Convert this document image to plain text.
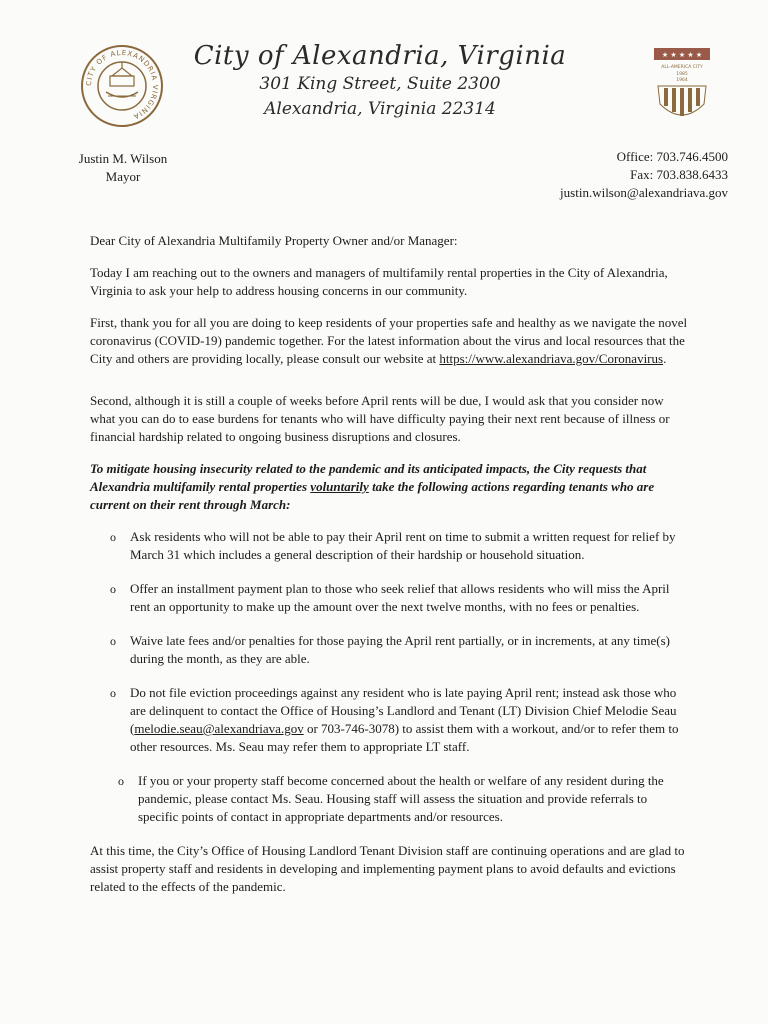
CITY OF ALEXANDRIA VIRGINIA
City of Alexandria, Virginia
301 King Street, Suite 2300
Alexandria, Virginia 22314
★ ★ ★ ★ ★
ALL-AMERICA CITY
1985
1964
Justin M. Wilson
Mayor
Office: 703.746.4500
Fax: 703.838.6433
justin.wilson@alexandriava.gov

Dear City of Alexandria Multifamily Property Owner and/or Manager:

Today I am reaching out to the owners and managers of multifamily rental properties in the City of Alexandria, Virginia to ask your help to address housing concerns in our community.

First, thank you for all you are doing to keep residents of your properties safe and healthy as we navigate the novel coronavirus (COVID-19) pandemic together. For the latest information about the virus and local resources that the City and others are providing locally, please consult our website at https://www.alexandriava.gov/Coronavirus.

Second, although it is still a couple of weeks before April rents will be due, I would ask that you consider now what you can do to ease burdens for tenants who will have difficulty paying their next rent because of illness or financial hardship related to ongoing business disruptions and closures.

To mitigate housing insecurity related to the pandemic and its anticipated impacts, the City requests that Alexandria multifamily rental properties voluntarily take the following actions regarding tenants who are current on their rent through March:

o Ask residents who will not be able to pay their April rent on time to submit a written request for relief by March 31 which includes a general description of their hardship or household situation.
o Offer an installment payment plan to those who seek relief that allows residents who will miss the April rent an opportunity to make up the amount over the next twelve months, with no fees or penalties.
o Waive late fees and/or penalties for those paying the April rent partially, or in increments, at any time(s) during the month, as they are able.
o Do not file eviction proceedings against any resident who is late paying April rent; instead ask those who are delinquent to contact the Office of Housing’s Landlord and Tenant (LT) Division Chief Melodie Seau (melodie.seau@alexandriava.gov or 703-746-3078) to assist them with a workout, and/or to refer them to other resources. Ms. Seau may refer them to appropriate LT staff.
o If you or your property staff become concerned about the health or welfare of any resident during the pandemic, please contact Ms. Seau. Housing staff will assess the situation and provide referrals to specific points of contact in appropriate departments and/or resources.

At this time, the City’s Office of Housing Landlord Tenant Division staff are continuing operations and are glad to assist property staff and residents in developing and implementing payment plans to avoid defaults and evictions related to the effects of the pandemic.
